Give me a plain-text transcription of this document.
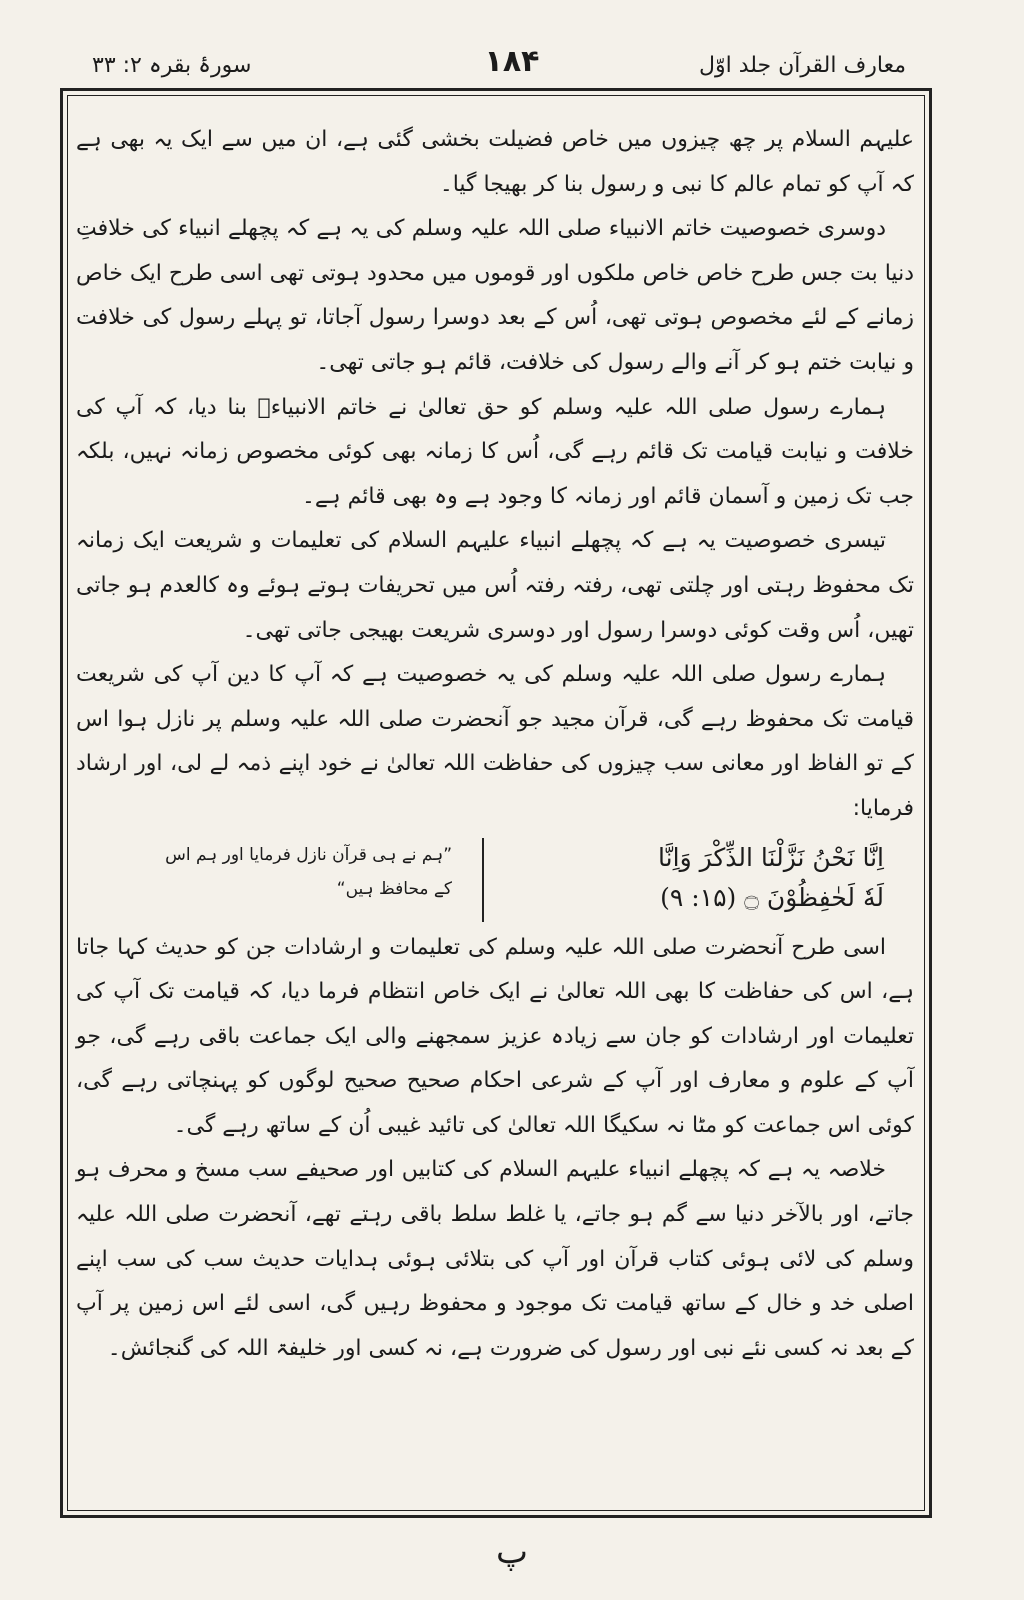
معارف القرآن جلد اوّل
۱۸۴
سورۂ بقرہ ۲: ۳۳

علیہم السلام پر چھ چیزوں میں خاص فضیلت بخشی گئی ہے، ان میں سے ایک یہ بھی ہے کہ آپ کو تمام عالم کا نبی و رسول بنا کر بھیجا گیا۔

دوسری خصوصیت خاتم الانبیاء صلی اللہ علیہ وسلم کی یہ ہے کہ پچھلے انبیاء کی خلافتِ دنیا بت جس طرح خاص خاص ملکوں اور قوموں میں محدود ہوتی تھی اسی طرح ایک خاص زمانے کے لئے مخصوص ہوتی تھی، اُس کے بعد دوسرا رسول آجاتا، تو پہلے رسول کی خلافت و نیابت ختم ہو کر آنے والے رسول کی خلافت، قائم ہو جاتی تھی۔

ہمارے رسول صلی اللہ علیہ وسلم کو حق تعالیٰ نے خاتم الانبیاءؑ بنا دیا، کہ آپ کی خلافت و نیابت قیامت تک قائم رہے گی، اُس کا زمانہ بھی کوئی مخصوص زمانہ نہیں، بلکہ جب تک زمین و آسمان قائم اور زمانہ کا وجود ہے وہ بھی قائم ہے۔

تیسری خصوصیت یہ ہے کہ پچھلے انبیاء علیہم السلام کی تعلیمات و شریعت ایک زمانہ تک محفوظ رہتی اور چلتی تھی، رفتہ رفتہ اُس میں تحریفات ہوتے ہوئے وہ کالعدم ہو جاتی تھیں، اُس وقت کوئی دوسرا رسول اور دوسری شریعت بھیجی جاتی تھی۔

ہمارے رسول صلی اللہ علیہ وسلم کی یہ خصوصیت ہے کہ آپ کا دین آپ کی شریعت قیامت تک محفوظ رہے گی، قرآن مجید جو آنحضرت صلی اللہ علیہ وسلم پر نازل ہوا اس کے تو الفاظ اور معانی سب چیزوں کی حفاظت اللہ تعالیٰ نے خود اپنے ذمہ لے لی، اور ارشاد فرمایا:

اِنَّا نَحْنُ نَزَّلْنَا الذِّكْرَ وَاِنَّا
لَهٗ لَحٰفِظُوْنَ ۝ (۱۵: ۹)
”ہم نے ہی قرآن نازل فرمایا اور ہم اس
کے محافظ ہیں“

اسی طرح آنحضرت صلی اللہ علیہ وسلم کی تعلیمات و ارشادات جن کو حدیث کہا جاتا ہے، اس کی حفاظت کا بھی اللہ تعالیٰ نے ایک خاص انتظام فرما دیا، کہ قیامت تک آپ کی تعلیمات اور ارشادات کو جان سے زیادہ عزیز سمجھنے والی ایک جماعت باقی رہے گی، جو آپ کے علوم و معارف اور آپ کے شرعی احکام صحیح صحیح لوگوں کو پہنچاتی رہے گی، کوئی اس جماعت کو مٹا نہ سکیگا اللہ تعالیٰ کی تائید غیبی اُن کے ساتھ رہے گی۔

خلاصہ یہ ہے کہ پچھلے انبیاء علیہم السلام کی کتابیں اور صحیفے سب مسخ و محرف ہو جاتے، اور بالآخر دنیا سے گم ہو جاتے، یا غلط سلط باقی رہتے تھے، آنحضرت صلی اللہ علیہ وسلم کی لائی ہوئی کتاب قرآن اور آپ کی بتلائی ہوئی ہدایات حدیث سب کی سب اپنے اصلی خد و خال کے ساتھ قیامت تک موجود و محفوظ رہیں گی، اسی لئے اس زمین پر آپ کے بعد نہ کسی نئے نبی اور رسول کی ضرورت ہے، نہ کسی اور خلیفۃ اللہ کی گنجائش۔

پ
